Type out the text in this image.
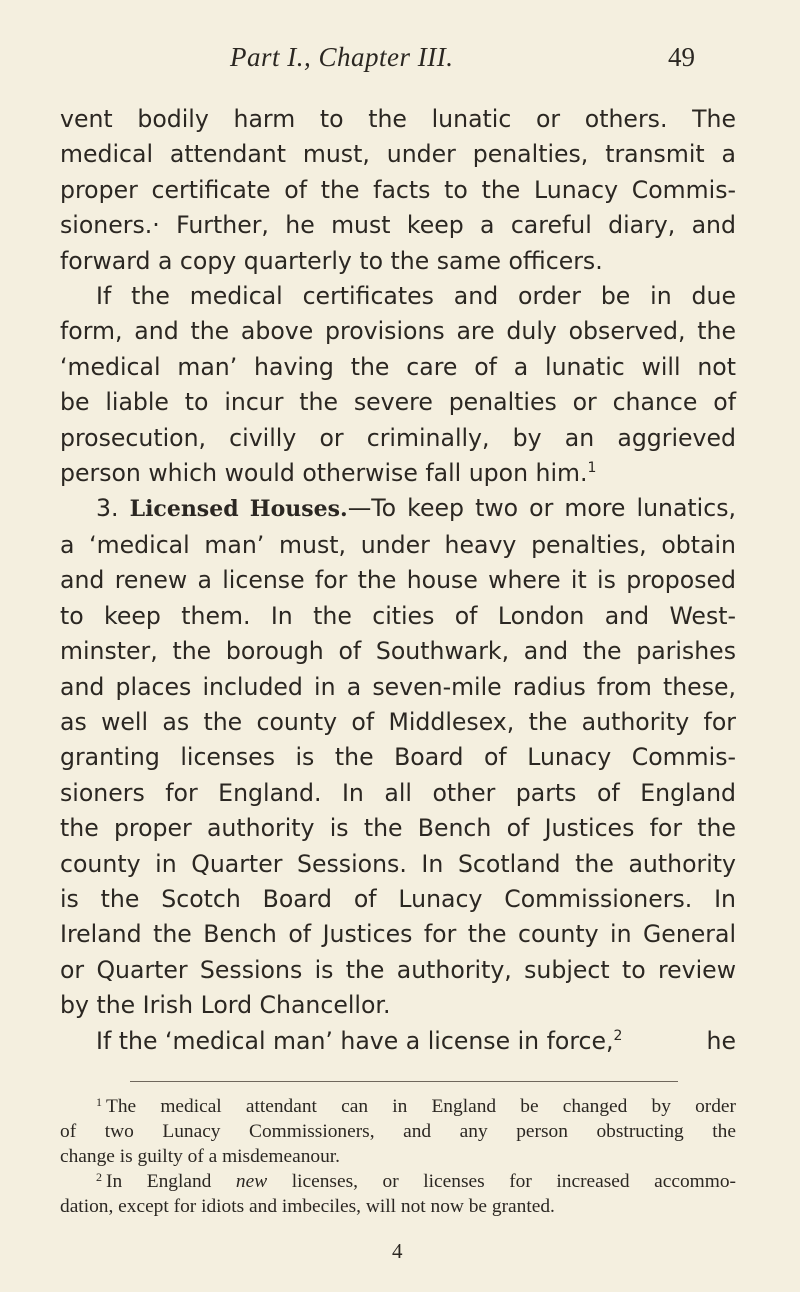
Part I., Chapter III.	49
vent bodily harm to the lunatic or others. The
medical attendant must, under penalties, transmit a
proper certificate of the facts to the Lunacy Commis-
sioners.· Further, he must keep a careful diary, and
forward a copy quarterly to the same officers.
If the medical certificates and order be in due
form, and the above provisions are duly observed, the
‘medical man’ having the care of a lunatic will not
be liable to incur the severe penalties or chance of
prosecution, civilly or criminally, by an aggrieved
person which would otherwise fall upon him.$^1$
3. Licensed Houses.—To keep two or more lunatics,
a ‘medical man’ must, under heavy penalties, obtain
and renew a license for the house where it is proposed
to keep them. In the cities of London and West-
minster, the borough of Southwark, and the parishes
and places included in a seven-mile radius from these,
as well as the county of Middlesex, the authority for
granting licenses is the Board of Lunacy Commis-
sioners for England. In all other parts of England
the proper authority is the Bench of Justices for the
county in Quarter Sessions. In Scotland the authority
is the Scotch Board of Lunacy Commissioners. In
Ireland the Bench of Justices for the county in General
or Quarter Sessions is the authority, subject to review
by the Irish Lord Chancellor.
If the ‘medical man’ have a license in force,$^2$	he
$^1$ The medical attendant can in England be changed by order
of two Lunacy Commissioners, and any person obstructing the
change is guilty of a misdemeanour.
$^2$ In England new licenses, or licenses for increased accommo-
dation, except for idiots and imbeciles, will not now be granted.
4
